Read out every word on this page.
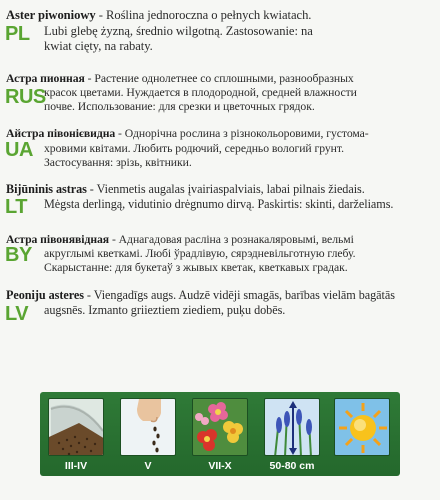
PL
Aster piwoniowy - Roślina jednoroczna o pełnych kwiatach.
Lubi glebę żyzną, średnio wilgotną. Zastosowanie: na
kwiat cięty, na rabaty.
RUS
Астра пионная - Растение однолетнее со сплошными, разнообразных
красок цветами. Нуждается в плодородной, средней влажности
почве. Использование: для срезки и цветочных грядок.
UA
Айстра півонієвидна - Однорічна рослина з різнокольоровими, густома-
хровими квітами. Любить родючий, середньо вологий грунт.
Застосування: зрізь, квітники.
LT
Bijūninis astras - Vienmetis augalas įvairiaspalviais, labai pilnais žiedais.
Mėgsta derlingą, vidutinio drėgnumo dirvą. Paskirtis: skinti, darželiams.
BY
Астра півонявідная - Аднагадовая расліна з рознакаляровымі, вельмі
акруглымі кветкамі. Любі ўрадлівую, сярэдневільготную глебу.
Скарыстанне: для букетаў з жывых кветак, кветкавых градак.
LV
Peoniju asteres - Viengadīgs augs. Audzē vidēji smagās, barības vielām bagātās
augsnēs. Izmanto griieztiem ziediem, puķu dobēs.
III-IV	V	VII-X	50-80 cm
